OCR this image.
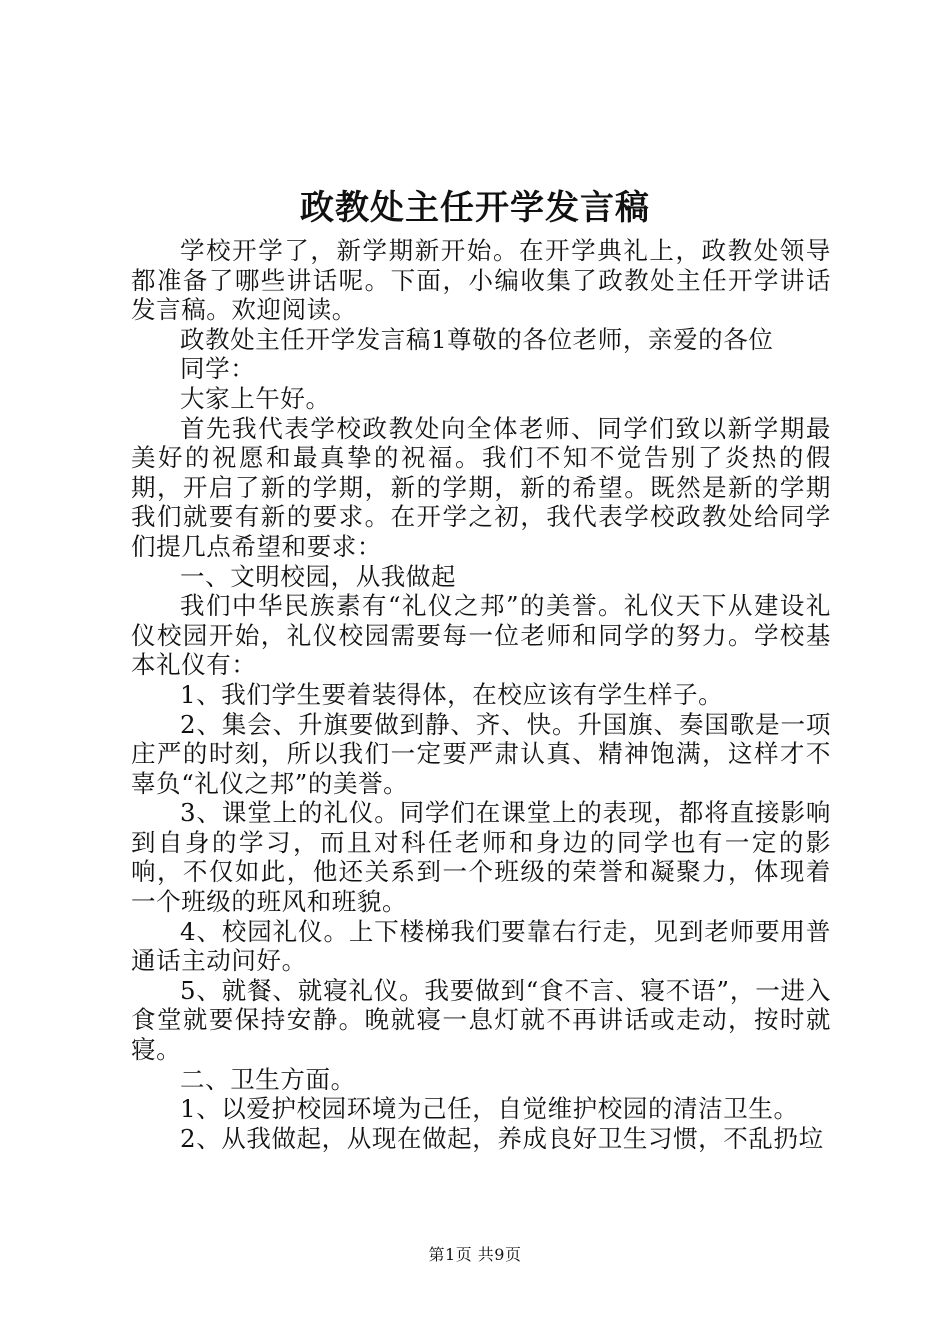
政教处主任开学发言稿

学校开学了，新学期新开始。在开学典礼上，政教处领导都准备了哪些讲话呢。下面，小编收集了政教处主任开学讲话发言稿。欢迎阅读。

政教处主任开学发言稿1尊敬的各位老师，亲爱的各位

同学：

大家上午好。

首先我代表学校政教处向全体老师、同学们致以新学期最美好的祝愿和最真挚的祝福。我们不知不觉告别了炎热的假期，开启了新的学期，新的学期，新的希望。既然是新的学期我们就要有新的要求。在开学之初，我代表学校政教处给同学们提几点希望和要求：

一、文明校园，从我做起

我们中华民族素有“礼仪之邦”的美誉。礼仪天下从建设礼仪校园开始，礼仪校园需要每一位老师和同学的努力。学校基本礼仪有：

1、我们学生要着装得体，在校应该有学生样子。

2、集会、升旗要做到静、齐、快。升国旗、奏国歌是一项庄严的时刻，所以我们一定要严肃认真、精神饱满，这样才不辜负“礼仪之邦”的美誉。

3、课堂上的礼仪。同学们在课堂上的表现，都将直接影响到自身的学习，而且对科任老师和身边的同学也有一定的影响，不仅如此，他还关系到一个班级的荣誉和凝聚力，体现着一个班级的班风和班貌。

4、校园礼仪。上下楼梯我们要靠右行走，见到老师要用普通话主动问好。

5、就餐、就寝礼仪。我要做到“食不言、寝不语”，一进入食堂就要保持安静。晚就寝一息灯就不再讲话或走动，按时就寝。

二、卫生方面。

1、以爱护校园环境为己任，自觉维护校园的清洁卫生。

2、从我做起，从现在做起，养成良好卫生习惯，不乱扔垃

第1页 共9页
